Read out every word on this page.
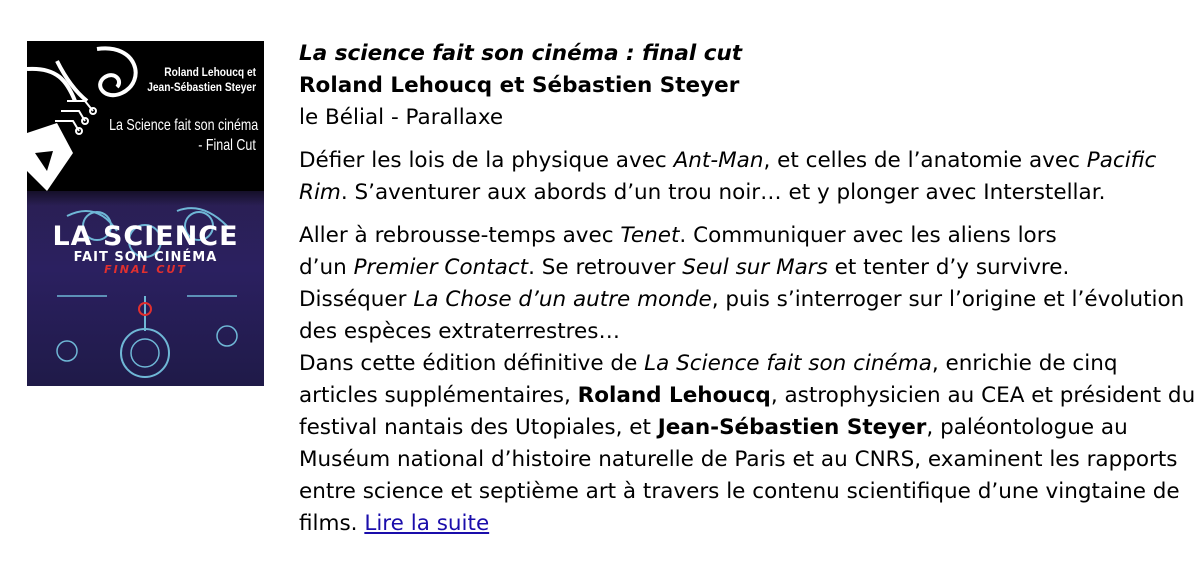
Roland Lehoucq et
Jean-Sébastien Steyer
La Science fait son cinéma
- Final Cut
LA SCIENCE
FAIT SON CINÉMA
FINAL CUT

La science fait son cinéma : final cut

Roland Lehoucq et Sébastien Steyer

le Bélial - Parallaxe

Défier les lois de la physique avec Ant-Man, et celles de l’anatomie avec Pacific
Rim. S’aventurer aux abords d’un trou noir… et y plonger avec Interstellar.
Aller à rebrousse-temps avec Tenet. Communiquer avec les aliens lors
d’un Premier Contact. Se retrouver Seul sur Mars et tenter d’y survivre.
Disséquer La Chose d’un autre monde, puis s’interroger sur l’origine et l’évolution
des espèces extraterrestres…
Dans cette édition définitive de La Science fait son cinéma, enrichie de cinq
articles supplémentaires, Roland Lehoucq, astrophysicien au CEA et président du
festival nantais des Utopiales, et Jean-Sébastien Steyer, paléontologue au
Muséum national d’histoire naturelle de Paris et au CNRS, examinent les rapports
entre science et septième art à travers le contenu scientifique d’une vingtaine de
films. Lire la suite
